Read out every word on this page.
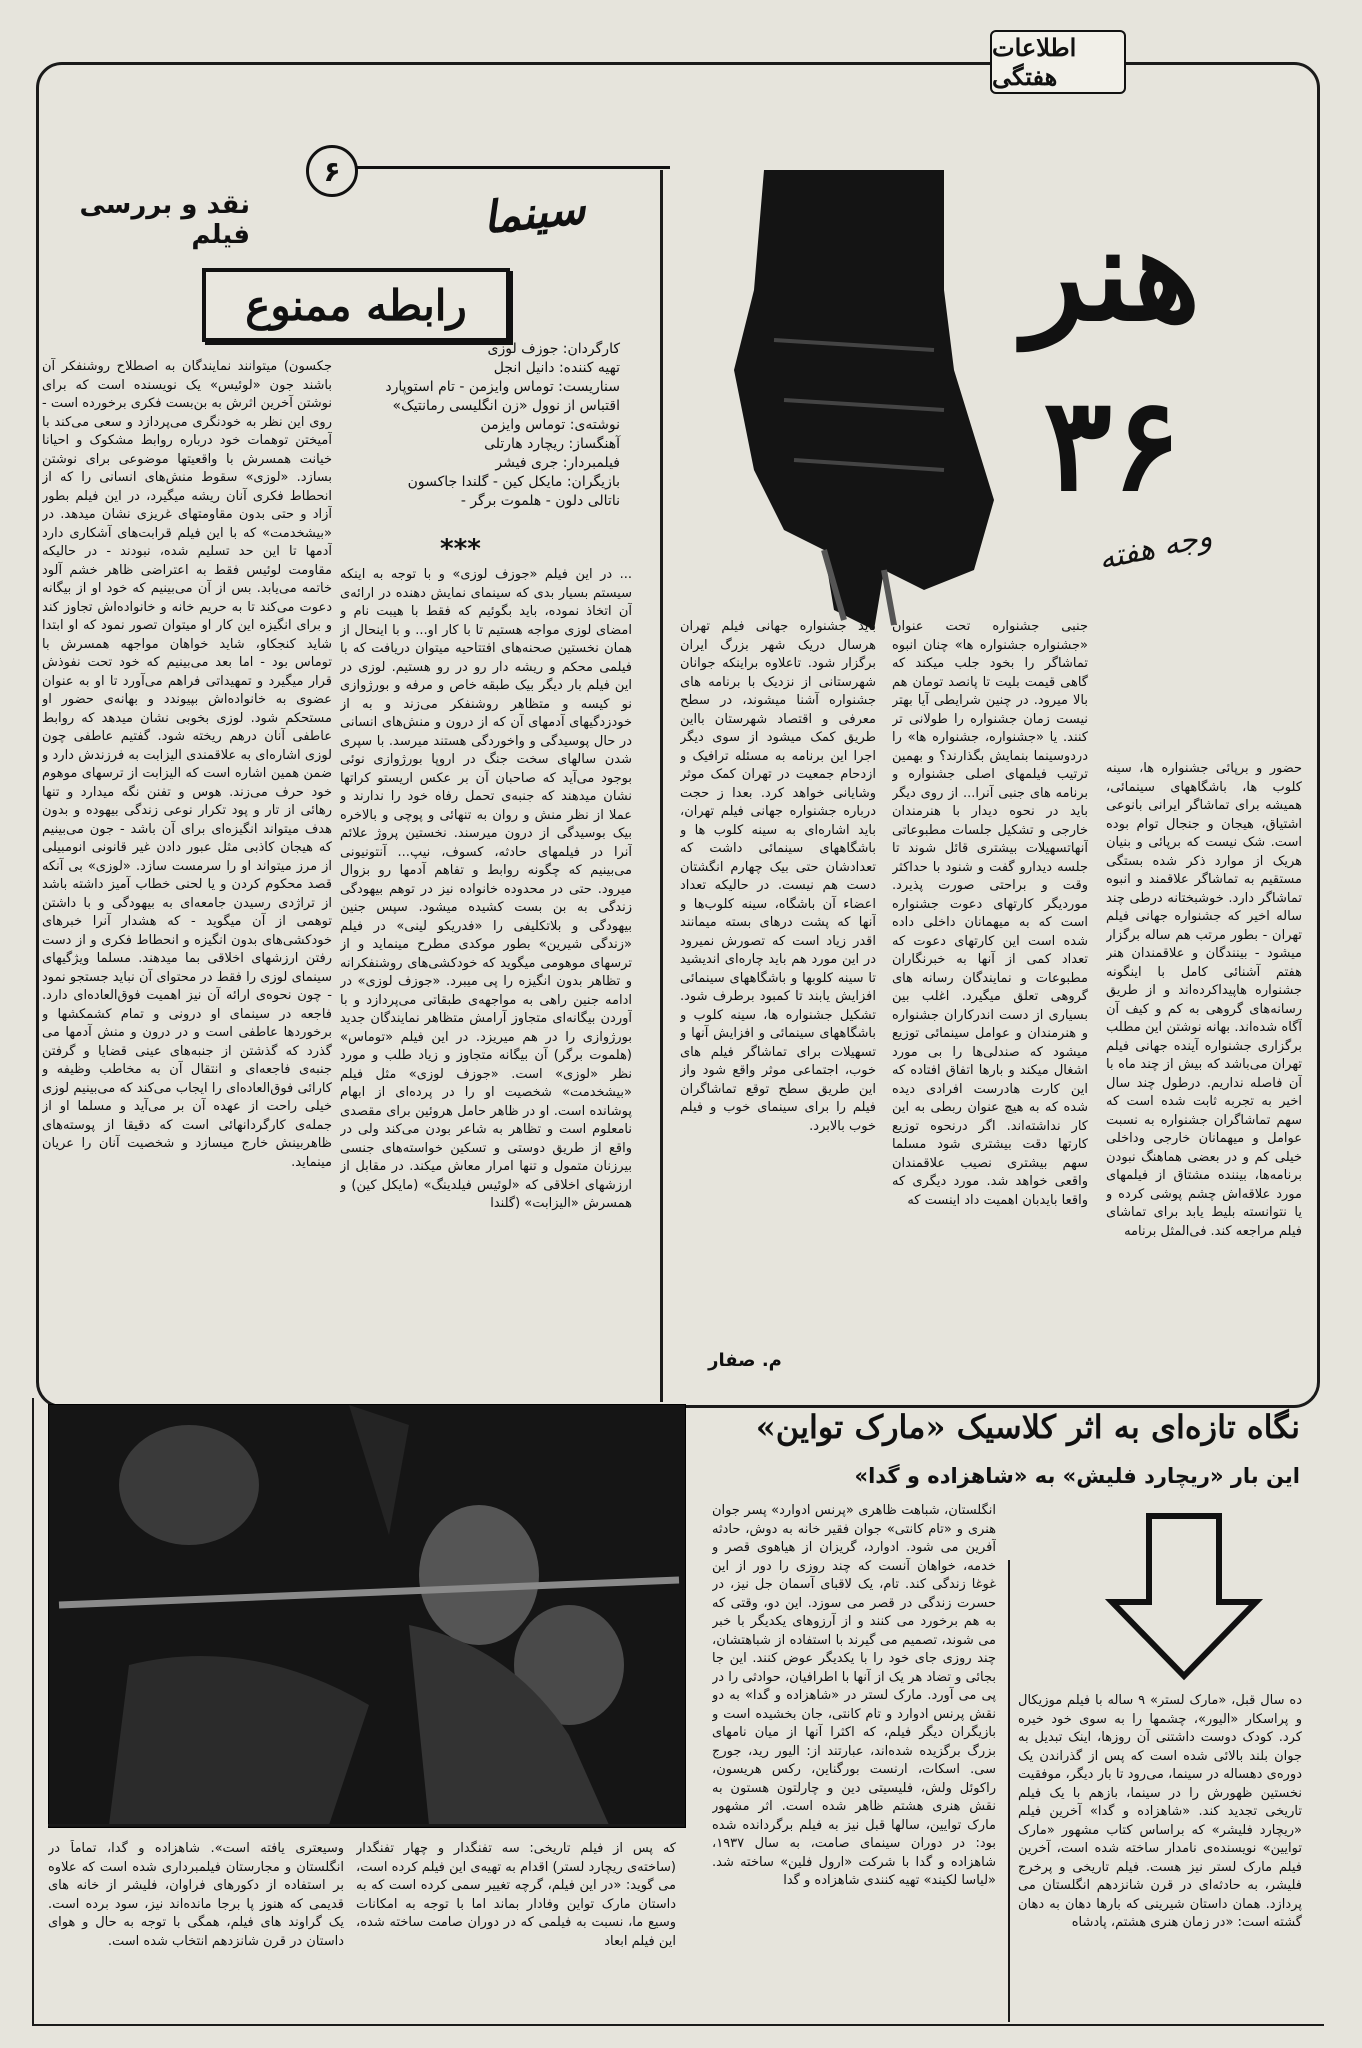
اطلاعات هفتگی
۶
نقد و بررسی فیلم	سینما
رابطه ممنوع
کارگردان: جوزف لوزی
تهیه کننده: دانیل انجل
سناریست: توماس وایزمن - تام استوپارد
اقتباس از نوول «زن انگلیسی رمانتیک»
نوشته‌ی: توماس وایزمن
آهنگساز: ریچارد هارتلی
فیلمبردار: جری فیشر
بازیگران: مایکل کین - گلندا جاکسون
ناتالی دلون - هلموت برگر -
***
... در این فیلم «جوزف لوزی» و با توجه به اینکه سیستم بسیار بدی که سینمای نمایش دهنده در ارائه‌ی آن اتخاذ نموده، باید بگوئیم که فقط با هیبت نام و امضای لوزی مواجه هستیم تا با کار او... و با اینحال از همان نخستین صحنه‌های افتتاحیه میتوان دریافت که با فیلمی محکم و ریشه دار رو در رو هستیم. لوزی در این فیلم بار دیگر بیک طبقه خاص و مرفه و بورژوازی نو کیسه و متظاهر روشنفکر می‌زند و به از خودزدگیهای آدمهای آن که از درون و منش‌های انسانی در حال پوسیدگی و واخوردگی هستند میرسد. با سپری شدن سالهای سخت جنگ در اروپا بورژوازی نوئی بوجود می‌آید که صاحبان آن بر عکس اریستو کراتها نشان میدهند که جنبه‌ی تحمل رفاه خود را ندارند و عملا از نظر منش و روان به تنهائی و پوچی و بالاخره بیک بوسیدگی از درون میرسند. نخستین پروژ علائم آنرا در فیلمهای حادثه، کسوف، نیپ... آنتونیونی می‌بینیم که چگونه روابط و تفاهم آدمها رو بزوال میرود. حتی در محدوده خانواده نیز در توهم بیهودگی زندگی به بن بست کشیده میشود. سپس جنین بیهودگی و بلاتکلیفی را «فدریکو لینی» در فیلم «زندگی شیرین» بطور موکدی مطرح مینماید و از ترسهای موهومی میگوید که خودکشی‌های روشنفکرانه و تظاهر بدون انگیزه را پی میبرد. «جوزف لوزی» در ادامه جنین راهی به مواجهه‌ی طبقاتی می‌پردازد و با آوردن بیگانه‌ای متجاوز آرامش متظاهر نمایندگان جدید بورژوازی را در هم میریزد. در این فیلم «توماس» (هلموت برگر) آن بیگانه متجاوز و زیاد طلب و مورد نظر «لوزی» است. «جوزف لوزی» مثل فیلم «بیشخدمت» شخصیت او را در پرده‌ای از ابهام پوشانده است. او در ظاهر حامل هروئین برای مقصدی نامعلوم است و تظاهر به شاعر بودن می‌کند ولی در واقع از طریق دوستی و تسکین خواسته‌های جنسی بیرزنان متمول و تنها امرار معاش میکند. در مقابل از ارزشهای اخلاقی که «لوئیس فیلدینگ» (مایکل کین) و همسرش «الیزابت» (گلندا
جکسون) میتوانند نمایندگان به اصطلاح روشنفکر آن باشند جون «لوئیس» یک نویسنده است که برای نوشتن آخرین اثرش به بن‌بست فکری برخورده است - روی این نظر به خودنگری می‌پردازد و سعی می‌کند با آمیختن توهمات خود درباره روابط مشکوک و احیانا خیانت همسرش با واقعیتها موضوعی برای نوشتن بسازد. «لوزی» سقوط منش‌های انسانی را که از انحطاط فکری آنان ریشه میگیرد، در این فیلم بطور آزاد و حتی بدون مقاومتهای غریزی نشان میدهد. در «بیشخدمت» که با این فیلم قرابت‌های آشکاری دارد آدمها تا این حد تسلیم شده، نبودند - در حالیکه مقاومت لوئیس فقط به اعتراضی ظاهر خشم آلود خاتمه می‌یابد. بس از آن می‌بینیم که خود او از بیگانه دعوت می‌کند تا به حریم خانه و خانواده‌اش تجاوز کند و برای انگیزه این کار او میتوان تصور نمود که او ابتدا شاید کنجکاو، شاید خواهان مواجهه همسرش با توماس بود - اما بعد می‌بینیم که خود تحت نفوذش قرار میگیرد و تمهیداتی فراهم می‌آورد تا او به عنوان عضوی به خانواده‌اش بپیوندد و بهانه‌ی حضور او مستحکم شود. لوزی بخوبی نشان میدهد که روابط عاطفی آنان درهم ریخته شود. گفتیم عاطفی چون لوزی اشاره‌ای به علاقمندی الیزابت به فرزندش دارد و ضمن همین اشاره است که الیزابت از ترسهای موهوم خود حرف می‌زند. هوس و تفنن نگه میدارد و تنها رهائی از تار و پود تکرار نوعی زندگی بیهوده و بدون هدف میتواند انگیزه‌ای برای آن باشد - جون می‌بینیم که هیجان کاذبی مثل عبور دادن غیر قانونی انومبیلی از مرز میتواند او را سرمست سازد. «لوزی» بی آنکه قصد محکوم کردن و یا لحنی خطاب آمیز داشته باشد از تراژدی رسیدن جامعه‌ای به بیهودگی و با داشتن توهمی از آن میگوید - که هشدار آنرا خبرهای خودکشی‌های بدون انگیزه و انحطاط فکری و از دست رفتن ارزشهای اخلاقی بما میدهند. مسلما ویژگیهای سینمای لوزی را فقط در محتوای آن نباید جستجو نمود - چون نحوه‌ی ارائه آن نیز اهمیت فوق‌العاده‌ای دارد. فاجعه در سینمای او درونی و تمام کشمکشها و برخوردها عاطفی است و در درون و منش آدمها می گذرد که گذشتن از جنبه‌های عینی قضایا و گرفتن جنبه‌ی فاجعه‌ای و انتقال آن به مخاطب وظیفه و کارائی فوق‌العاده‌ای را ایجاب می‌کند که می‌بینیم لوزی خیلی راحت از عهده آن بر می‌آید و مسلما او از جمله‌ی کارگردانهائی است که دقیقا از پوسته‌های ظاهربینش خارج میسازد و شخصیت آنان را عریان مینماید.
هنر ۳۶
وجه هفته
حضور و برپائی جشنواره ها، سینه کلوب ها، باشگاههای سینمائی، همیشه برای تماشاگر ایرانی بانوعی اشتیاق، هیجان و جنجال توام بوده است. شک نیست که برپائی و بنیان هریک از موارد ذکر شده بستگی مستقیم به تماشاگر علاقمند و انبوه تماشاگر دارد. خوشبختانه درطی چند ساله اخیر که جشنواره جهانی فیلم تهران - بطور مرتب هم ساله برگزار میشود - بینندگان و علاقمندان هنر هفتم آشنائی کامل با اینگونه جشنواره هاپیداکرده‌اند و از طریق رسانه‌های گروهی به کم و کیف آن آگاه شده‌اند. بهانه نوشتن این مطلب برگزاری جشنواره آینده جهانی فیلم تهران می‌باشد که بیش از چند ماه با آن فاصله نداریم. درطول چند سال اخیر به تجربه ثابت شده است که سهم تماشاگران جشنواره به نسبت عوامل و میهمانان خارجی وداخلی خیلی کم و در بعضی هماهنگ نبودن برنامه‌ها، بیننده مشتاق از فیلمهای مورد علاقه‌اش چشم پوشی کرده و یا نتوانسته بلیط یابد برای تماشای فیلم مراجعه کند. فی‌المثل برنامه
جنبی جشنواره تحت عنوان «جشنواره جشنواره ها» چنان انبوه تماشاگر را بخود جلب میکند که گاهی قیمت بلیت تا پانصد تومان هم بالا میرود. در چنین شرایطی آیا بهتر نیست زمان جشنواره را طولانی تر کنند. یا «جشنواره، جشنواره ها» را دردوسینما بنمایش بگذارند؟ و بهمین ترتیب فیلمهای اصلی جشنواره و برنامه های جنبی آنرا... از روی دیگر باید در نحوه دیدار با هنرمندان خارجی و تشکیل جلسات مطبوعاتی آنهاتسهیلات بیشتری قائل شوند تا جلسه دیدارو گفت و شنود با حداکثر وقت و براحتی صورت پذیرد. موردیگر کارتهای دعوت جشنواره است که به میهمانان داخلی داده شده است این کارتهای دعوت که تعداد کمی از آنها به خبرنگاران مطبوعات و نمایندگان رسانه های گروهی تعلق میگیرد. اغلب بین بسیاری از دست اندرکاران جشنواره و هنرمندان و عوامل سینمائی توزیع میشود که صندلی‌ها را بی مورد اشغال میکند و بارها اتفاق افتاده که این کارت هادرست افرادی دیده شده که به هیچ عنوان ربطی به این کار نداشته‌اند. اگر درنحوه توزیع کارتها دقت بیشتری شود مسلما سهم بیشتری نصیب علاقمندان واقعی خواهد شد. مورد دیگری که واقعا بایدبان اهمیت داد اینست که
باید جشنواره جهانی فیلم تهران هرسال دریک شهر بزرگ ایران برگزار شود. تاعلاوه براینکه جوانان شهرستانی از نزدیک با برنامه های جشنواره آشنا میشوند، در سطح معرفی و اقتصاد شهرستان بااین طریق کمک میشود از سوی دیگر اجرا این برنامه به مسئله ترافیک و ازدحام جمعیت در تهران کمک موثر وشایانی خواهد کرد. بعدا ز حجت درباره جشنواره جهانی فیلم تهران، باید اشاره‌ای به سینه کلوب ها و باشگاههای سینمائی داشت که تعدادشان حتی بیک چهارم انگشتان دست هم نیست. در حالیکه تعداد اعضاء آن باشگاه، سینه کلوب‌ها و آنها که پشت درهای بسته میمانند اقدر زیاد است که تصورش نمیرود در این مورد هم باید چاره‌ای اندیشید تا سینه کلوبها و باشگاههای سینمائی افزایش یابند تا کمبود برطرف شود. تشکیل جشنواره ها، سینه کلوب و باشگاههای سینمائی و افزایش آنها و تسهیلات برای تماشاگر فیلم های خوب، اجتماعی موثر واقع شود واز این طریق سطح توقع تماشاگران فیلم را برای سینمای خوب و فیلم خوب بالابرد.
م. صفار
نگاه تازه‌ای به اثر کلاسیک «مارک تواین»
این بار «ریچارد فلیش» به «شاهزاده و گدا»
انگلستان، شباهت ظاهری «پرنس ادوارد» پسر جوان هنری و «تام کانتی» جوان فقیر خانه به دوش، حادثه آفرین می شود. ادوارد، گریزان از هیاهوی قصر و خدمه، خواهان آنست که چند روزی را دور از این غوغا زندگی کند. تام، یک لاقبای آسمان جل نیز، در حسرت زندگی در قصر می سوزد. این دو، وقتی که به هم برخورد می کنند و از آرزوهای یکدیگر با خبر می شوند، تصمیم می گیرند با استفاده از شباهتشان، چند روزی جای خود را با یکدیگر عوض کنند. این جا بجائی و تضاد هر یک از آنها با اطرافیان، حوادثی را در پی می آورد. مارک لستر در «شاهزاده و گدا» به دو نقش پرنس ادوارد و تام کانتی، جان بخشیده است و بازیگران دیگر فیلم، که اکثرا آنها از میان نامهای بزرگ برگزیده شده‌اند، عبارتند از: الیور رید، جورج سی. اسکات، ارنست بورگناین، رکس هریسون، راکوئل ولش، فلیسیتی دین و چارلتون هستون به نقش هنری هشتم ظاهر شده است. اثر مشهور مارک توایین، سالها قبل نیز به فیلم برگردانده شده بود: در دوران سینمای صامت، به سال ۱۹۳۷، شاهزاده و گدا با شرکت «ارول فلین» ساخته شد. «لیاسا لکیند» تهیه کنندی شاهزاده و گدا
ده سال قبل، «مارک لستر» ۹ ساله با فیلم موزیکال و پراسکار «الیور»، چشمها را به سوی خود خیره کرد. کودک دوست داشتنی آن روزها، اینک تبدیل به جوان بلند بالائی شده است که پس از گذراندن یک دوره‌ی دهساله در سینما، می‌رود تا بار دیگر، موفقیت نخستین ظهورش را در سینما، بازهم با یک فیلم تاریخی تجدید کند. «شاهزاده و گدا» آخرین فیلم «ریچارد فلیشر» که براساس کتاب مشهور «مارک توایین» نویسنده‌ی نامدار ساخته شده است، آخرین فیلم مارک لستر نیز هست. فیلم تاریخی و پرخرج فلیشر، به حادثه‌ای در قرن شانزدهم انگلستان می پردازد. همان داستان شیرینی که بارها دهان به دهان گشته است: «در زمان هنری هشتم، پادشاه
که پس از فیلم تاریخی: سه تفنگدار و چهار تفنگدار (ساخته‌ی ریچارد لستر) اقدام به تهیه‌ی این فیلم کرده است، می گوید: «در این فیلم، گرچه تغییر‌ سمی کرده است که به داستان مارک تواین وفادار بماند اما با توجه به امکانات وسیع ما، نسبت به فیلمی که در دوران صامت ساخته شده، این فیلم ابعاد
وسیعتری یافته است». شاهزاده و گدا، تماماً در انگلستان و مجارستان فیلمبرداری شده است که علاوه بر استفاده از دکورهای فراوان، فلیشر از خانه های قدیمی که هنوز پا برجا مانده‌اند نیز، سود برده است. یک گراوند های فیلم، همگی با توجه به حال و هوای داستان در قرن شانزدهم انتخاب شده است.
